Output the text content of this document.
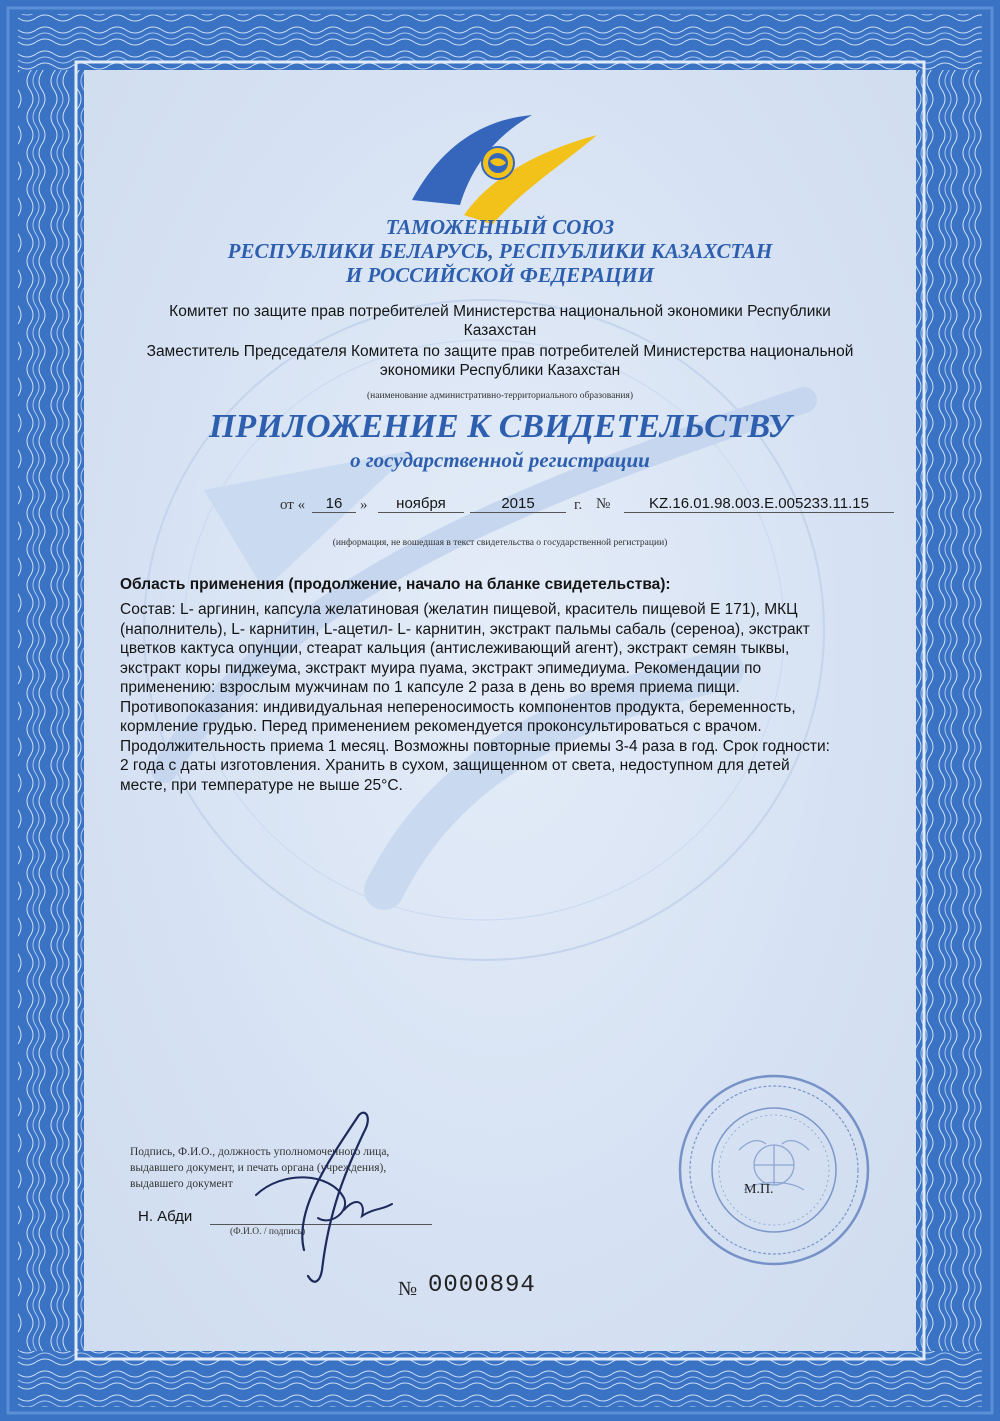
ТАМОЖЕННЫЙ СОЮЗ
РЕСПУБЛИКИ БЕЛАРУСЬ, РЕСПУБЛИКИ КАЗАХСТАН
И РОССИЙСКОЙ ФЕДЕРАЦИИ
Комитет по защите прав потребителей Министерства национальной экономики Республики
Казахстан
Заместитель Председателя Комитета по защите прав потребителей Министерства национальной
экономики Республики Казахстан
(наименование административно-территориального образования)
ПРИЛОЖЕНИЕ К СВИДЕТЕЛЬСТВУ
о государственной регистрации
от «	16	»	ноября	2015	г. №	KZ.16.01.98.003.E.005233.11.15
(информация, не вошедшая в текст свидетельства о государственной регистрации)
Область применения (продолжение, начало на бланке свидетельства):
Состав: L- аргинин, капсула желатиновая (желатин пищевой, краситель пищевой Е 171), МКЦ
(наполнитель), L- карнитин, L-ацетил- L- карнитин, экстракт пальмы сабаль (сереноа), экстракт
цветков кактуса опунции, стеарат кальция (антислеживающий агент), экстракт семян тыквы,
экстракт коры пиджеума, экстракт муира пуама, экстракт эпимедиума. Рекомендации по
применению: взрослым мужчинам по 1 капсуле 2 раза в день во время приема пищи.
Противопоказания: индивидуальная непереносимость компонентов продукта, беременность,
кормление грудью. Перед применением рекомендуется проконсультироваться с врачом.
Продолжительность приема 1 месяц. Возможны повторные приемы 3-4 раза в год. Срок годности:
2 года с даты изготовления. Хранить в сухом, защищенном от света, недоступном для детей
месте, при температуре не выше 25°C.
Подпись, Ф.И.О., должность уполномоченного лица,
выдавшего документ, и печать органа (учреждения),
выдавшего документ
Н. Абди
(Ф.И.О. / подпись)
№ 0000894
М.П.
